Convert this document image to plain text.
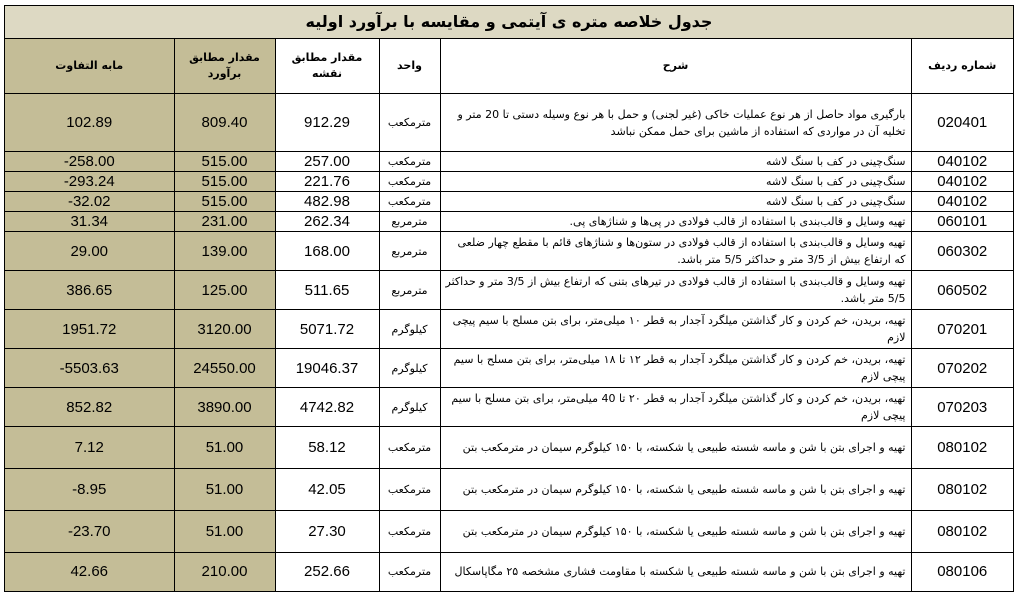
جدول خلاصه متره ی آیتمی و مقایسه با برآورد اولیه
شماره ردیف	شرح	واحد	مقدار مطابق نقشه	مقدار مطابق برآورد	مابه التفاوت
020401	بارگیری مواد حاصل از هر نوع عملیات خاکی (غیر لجنی) و حمل با هر نوع وسیله دستی تا 20 متر و تخلیه آن در مواردی که استفاده از ماشین برای حمل ممکن نباشد	مترمکعب	912.29	809.40	102.89
040102	سنگ‌چینی در کف با سنگ لاشه	مترمکعب	257.00	515.00	-258.00
040102	سنگ‌چینی در کف با سنگ لاشه	مترمکعب	221.76	515.00	-293.24
040102	سنگ‌چینی در کف با سنگ لاشه	مترمکعب	482.98	515.00	-32.02
060101	تهیه وسایل و قالب‌بندی با استفاده از قالب فولادی در پی‌ها و شناژهای پی.	مترمربع	262.34	231.00	31.34
060302	تهیه وسایل و قالب‌بندی با استفاده از قالب فولادی در ستون‌ها و شناژهای قائم با مقطع چهار ضلعی که ارتفاع بیش از 3/5 متر و حداکثر 5/5 متر باشد.	مترمربع	168.00	139.00	29.00
060502	تهیه وسایل و قالب‌بندی با استفاده از قالب فولادی در تیرهای بتنی که ارتفاع بیش از 3/5 متر و حداکثر 5/5 متر باشد.	مترمربع	511.65	125.00	386.65
070201	تهیه، بریدن، خم کردن و کار گذاشتن میلگرد آجدار به قطر ۱۰ میلی‌متر، برای بتن مسلح با سیم پیچی لازم	کیلوگرم	5071.72	3120.00	1951.72
070202	تهیه، بریدن، خم کردن و کار گذاشتن میلگرد آجدار به قطر ۱۲ تا ۱۸ میلی‌متر، برای بتن مسلح با سیم پیچی لازم	کیلوگرم	19046.37	24550.00	-5503.63
070203	تهیه، بریدن، خم کردن و کار گذاشتن میلگرد آجدار به قطر ۲۰ تا 40 میلی‌متر، برای بتن مسلح با سیم پیچی لازم	کیلوگرم	4742.82	3890.00	852.82
080102	تهیه و اجرای بتن با شن و ماسه شسته طبیعی یا شکسته، با ۱۵۰ کیلوگرم سیمان در مترمکعب بتن	مترمکعب	58.12	51.00	7.12
080102	تهیه و اجرای بتن با شن و ماسه شسته طبیعی یا شکسته، با ۱۵۰ کیلوگرم سیمان در مترمکعب بتن	مترمکعب	42.05	51.00	-8.95
080102	تهیه و اجرای بتن با شن و ماسه شسته طبیعی یا شکسته، با ۱۵۰ کیلوگرم سیمان در مترمکعب بتن	مترمکعب	27.30	51.00	-23.70
080106	تهیه و اجرای بتن با شن و ماسه شسته طبیعی یا شکسته با مقاومت فشاری مشخصه ۲۵ مگاپاسکال	مترمکعب	252.66	210.00	42.66
